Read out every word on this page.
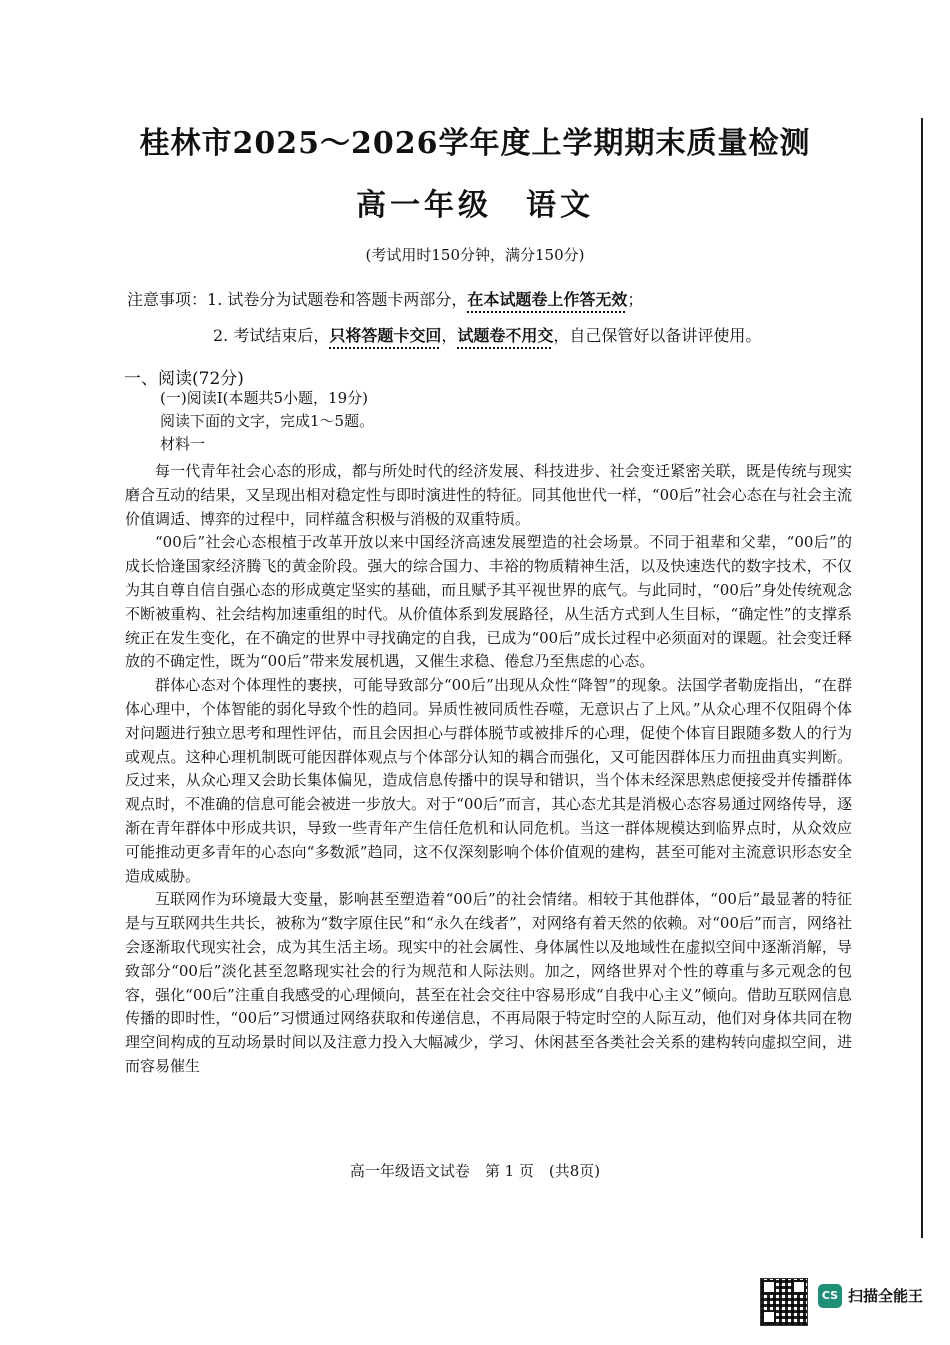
桂林市2025～2026学年度上学期期末质量检测
高一年级　语文
(考试用时150分钟，满分150分)
注意事项：1. 试卷分为试题卷和答题卡两部分，在本试题卷上作答无效；
2. 考试结束后，只将答题卡交回，试题卷不用交，自己保管好以备讲评使用。
一、阅读(72分)
(一)阅读Ⅰ(本题共5小题，19分)
阅读下面的文字，完成1～5题。
材料一

每一代青年社会心态的形成，都与所处时代的经济发展、科技进步、社会变迁紧密关联，既是传统与现实磨合互动的结果，又呈现出相对稳定性与即时演进性的特征。同其他世代一样，“00后”社会心态在与社会主流价值调适、博弈的过程中，同样蕴含积极与消极的双重特质。

“00后”社会心态根植于改革开放以来中国经济高速发展塑造的社会场景。不同于祖辈和父辈，“00后”的成长恰逢国家经济腾飞的黄金阶段。强大的综合国力、丰裕的物质精神生活，以及快速迭代的数字技术，不仅为其自尊自信自强心态的形成奠定坚实的基础，而且赋予其平视世界的底气。与此同时，“00后”身处传统观念不断被重构、社会结构加速重组的时代。从价值体系到发展路径，从生活方式到人生目标，“确定性”的支撑系统正在发生变化，在不确定的世界中寻找确定的自我，已成为“00后”成长过程中必须面对的课题。社会变迁释放的不确定性，既为“00后”带来发展机遇，又催生求稳、倦怠乃至焦虑的心态。

群体心态对个体理性的裹挟，可能导致部分“00后”出现从众性“降智”的现象。法国学者勒庞指出，“在群体心理中，个体智能的弱化导致个性的趋同。异质性被同质性吞噬，无意识占了上风。”从众心理不仅阻碍个体对问题进行独立思考和理性评估，而且会因担心与群体脱节或被排斥的心理，促使个体盲目跟随多数人的行为或观点。这种心理机制既可能因群体观点与个体部分认知的耦合而强化，又可能因群体压力而扭曲真实判断。反过来，从众心理又会助长集体偏见，造成信息传播中的误导和错识，当个体未经深思熟虑便接受并传播群体观点时，不准确的信息可能会被进一步放大。对于“00后”而言，其心态尤其是消极心态容易通过网络传导，逐渐在青年群体中形成共识，导致一些青年产生信任危机和认同危机。当这一群体规模达到临界点时，从众效应可能推动更多青年的心态向“多数派”趋同，这不仅深刻影响个体价值观的建构，甚至可能对主流意识形态安全造成威胁。

互联网作为环境最大变量，影响甚至塑造着“00后”的社会情绪。相较于其他群体，“00后”最显著的特征是与互联网共生共长，被称为“数字原住民”和“永久在线者”，对网络有着天然的依赖。对“00后”而言，网络社会逐渐取代现实社会，成为其生活主场。现实中的社会属性、身体属性以及地域性在虚拟空间中逐渐消解，导致部分“00后”淡化甚至忽略现实社会的行为规范和人际法则。加之，网络世界对个性的尊重与多元观念的包容，强化“00后”注重自我感受的心理倾向，甚至在社会交往中容易形成“自我中心主义”倾向。借助互联网信息传播的即时性，“00后”习惯通过网络获取和传递信息，不再局限于特定时空的人际互动，他们对身体共同在物理空间构成的互动场景时间以及注意力投入大幅减少，学习、休闲甚至各类社会关系的建构转向虚拟空间，进而容易催生

高一年级语文试卷　第 1 页　(共8页)
CS 扫描全能王
